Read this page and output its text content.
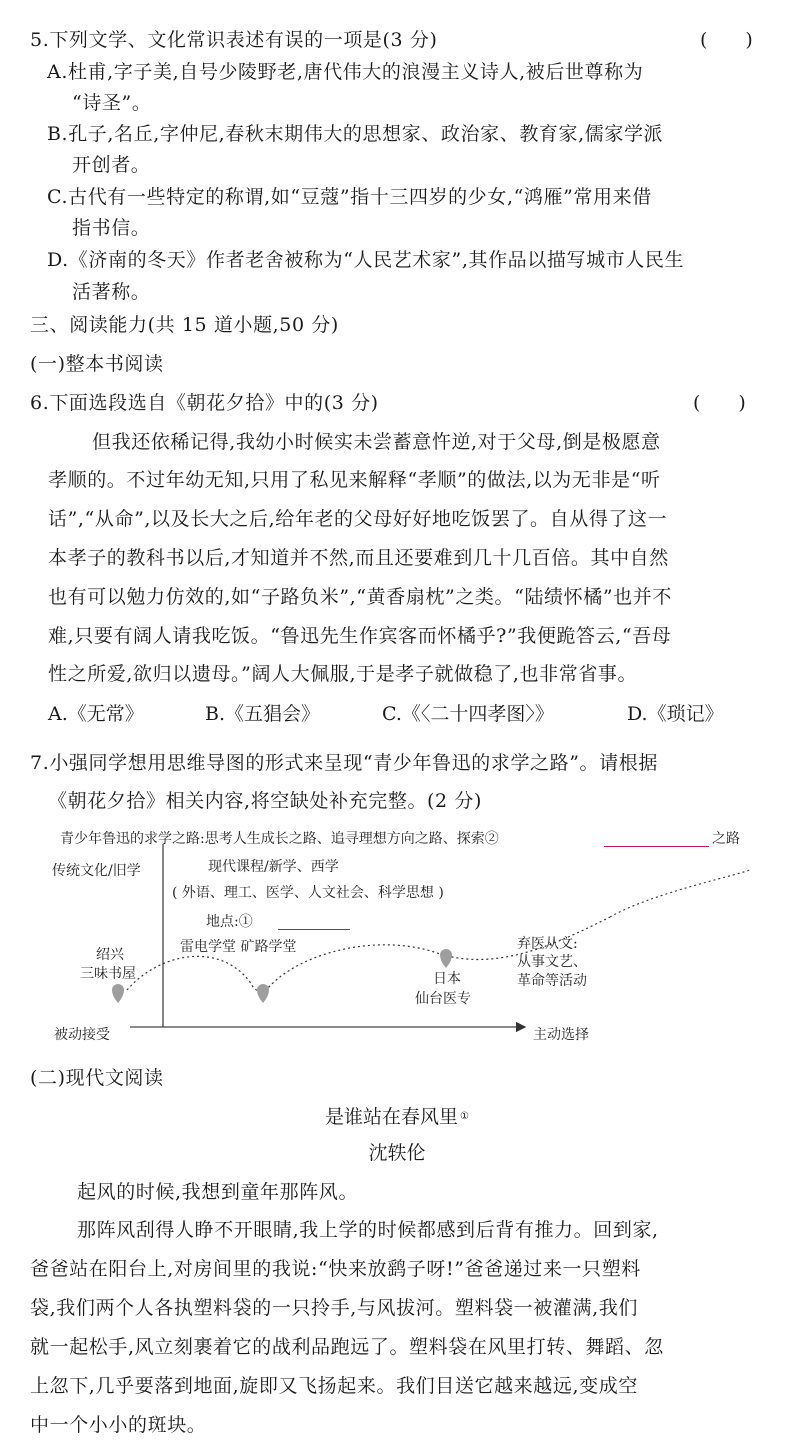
5.下列文学、文化常识表述有误的一项是(3 分)	(　　)
A.杜甫,字子美,自号少陵野老,唐代伟大的浪漫主义诗人,被后世尊称为
“诗圣”。
B.孔子,名丘,字仲尼,春秋末期伟大的思想家、政治家、教育家,儒家学派
开创者。
C.古代有一些特定的称谓,如“豆蔻”指十三四岁的少女,“鸿雁”常用来借
指书信。
D.《济南的冬天》作者老舍被称为“人民艺术家”,其作品以描写城市人民生
活著称。
三、阅读能力(共 15 道小题,50 分)
(一)整本书阅读
6.下面选段选自《朝花夕拾》中的(3 分)	(　　)
但我还依稀记得,我幼小时候实未尝蓄意忤逆,对于父母,倒是极愿意
孝顺的。不过年幼无知,只用了私见来解释“孝顺”的做法,以为无非是“听
话”,“从命”,以及长大之后,给年老的父母好好地吃饭罢了。自从得了这一
本孝子的教科书以后,才知道并不然,而且还要难到几十几百倍。其中自然
也有可以勉力仿效的,如“子路负米”,“黄香扇枕”之类。“陆绩怀橘”也并不
难,只要有阔人请我吃饭。“鲁迅先生作宾客而怀橘乎?”我便跪答云,“吾母
性之所爱,欲归以遗母。”阔人大佩服,于是孝子就做稳了,也非常省事。
A.《无常》	B.《五猖会》	C.《〈二十四孝图〉》	D.《琐记》
7.小强同学想用思维导图的形式来呈现“青少年鲁迅的求学之路”。请根据
《朝花夕拾》相关内容,将空缺处补充完整。(2 分)
青少年鲁迅的求学之路:思考人生成长之路、追寻理想方向之路、探索②	之路
传统文化/旧学	现代课程/新学、西学
( 外语、理工、医学、人文社会、科学思想 )
地点:①
雷电学堂 矿路学堂
绍兴
三味书屋	日本
仙台医专
弃医从文:
从事文艺、
革命等活动
被动接受	主动选择
(二)现代文阅读
是谁站在春风里 ①
沈轶伦
起风的时候,我想到童年那阵风。
那阵风刮得人睁不开眼睛,我上学的时候都感到后背有推力。回到家,
爸爸站在阳台上,对房间里的我说:“快来放鹞子呀!”爸爸递过来一只塑料
袋,我们两个人各执塑料袋的一只拎手,与风拔河。塑料袋一被灌满,我们
就一起松手,风立刻裹着它的战利品跑远了。塑料袋在风里打转、舞蹈、忽
上忽下,几乎要落到地面,旋即又飞扬起来。我们目送它越来越远,变成空
中一个小小的斑块。
